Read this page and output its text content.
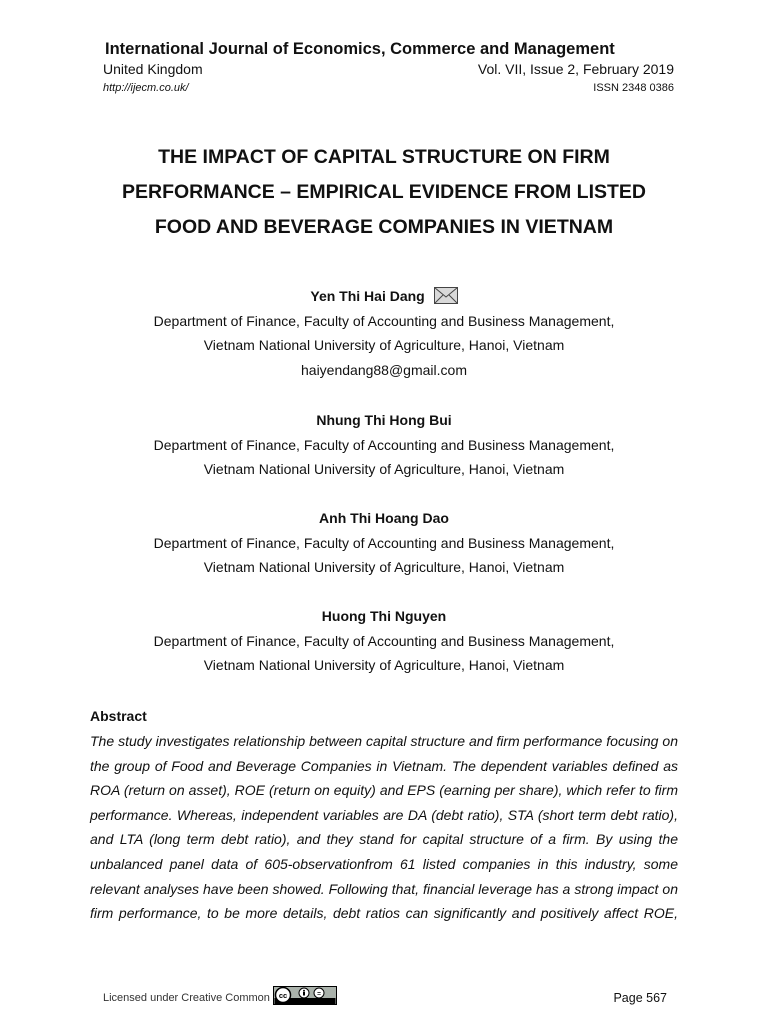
International Journal of Economics, Commerce and Management
United Kingdom	Vol. VII, Issue 2, February 2019
http://ijecm.co.uk/	ISSN 2348 0386
THE IMPACT OF CAPITAL STRUCTURE ON FIRM
PERFORMANCE – EMPIRICAL EVIDENCE FROM LISTED
FOOD AND BEVERAGE COMPANIES IN VIETNAM
Yen Thi Hai Dang
Department of Finance, Faculty of Accounting and Business Management,
Vietnam National University of Agriculture, Hanoi, Vietnam
haiyendang88@gmail.com
Nhung Thi Hong Bui
Department of Finance, Faculty of Accounting and Business Management,
Vietnam National University of Agriculture, Hanoi, Vietnam
Anh Thi Hoang Dao
Department of Finance, Faculty of Accounting and Business Management,
Vietnam National University of Agriculture, Hanoi, Vietnam
Huong Thi Nguyen
Department of Finance, Faculty of Accounting and Business Management,
Vietnam National University of Agriculture, Hanoi, Vietnam
Abstract
The study investigates relationship between capital structure and firm performance focusing on
the group of Food and Beverage Companies in Vietnam. The dependent variables defined as
ROA (return on asset), ROE (return on equity) and EPS (earning per share), which refer to firm
performance. Whereas, independent variables are DA (debt ratio), STA (short term debt ratio),
and LTA (long term debt ratio), and they stand for capital structure of a firm. By using the
unbalanced panel data of 605-observationfrom 61 listed companies in this industry, some
relevant analyses have been showed. Following that, financial leverage has a strong impact on
firm performance, to be more details, debt ratios can significantly and positively affect ROE,
Licensed under Creative Common cc	=	Page 567
